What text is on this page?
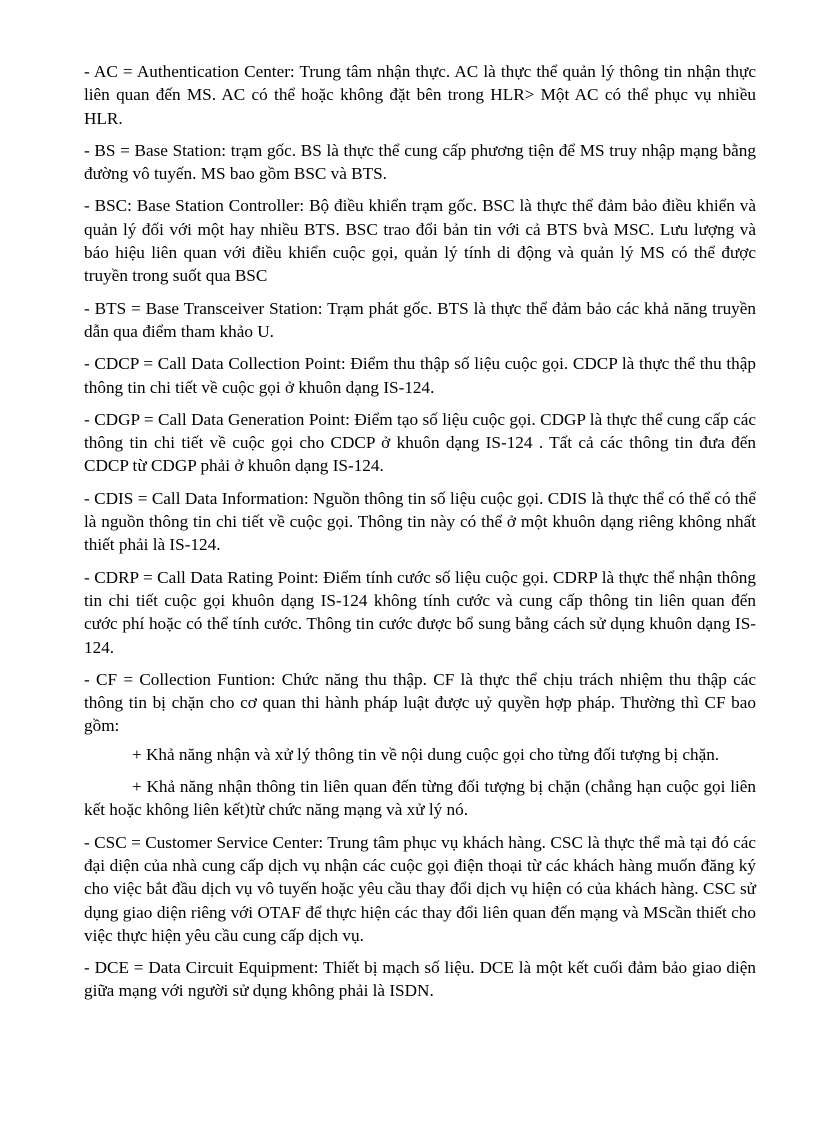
- AC = Authentication Center: Trung tâm nhận thực. AC là thực thể quản lý thông tin nhận thực liên quan đến MS. AC có thể hoặc không đặt bên trong HLR> Một AC có thể phục vụ nhiều HLR.

- BS = Base Station: trạm gốc. BS là thực thể cung cấp phương tiện để MS truy nhập mạng bằng đường vô tuyến. MS bao gồm BSC và BTS.

- BSC: Base Station Controller: Bộ điều khiển trạm gốc. BSC là thực thể đảm bảo điều khiển và quản lý đối với một hay nhiều BTS. BSC trao đổi bản tin với cả BTS bvà MSC. Lưu lượng và báo hiệu liên quan với điều khiển cuộc gọi, quản lý tính di động và quản lý MS có thể được truyền trong suốt qua BSC

- BTS = Base Transceiver Station: Trạm phát gốc. BTS là thực thể đảm bảo các khả năng truyền dẫn qua điểm tham khảo U.

- CDCP = Call Data Collection Point: Điểm thu thập số liệu cuộc gọi. CDCP là thực thể thu thập thông tin chi tiết về cuộc gọi ở khuôn dạng IS-124.

- CDGP = Call Data Generation Point: Điểm tạo số liệu cuộc gọi. CDGP là thực thể cung cấp các thông tin chi tiết về cuộc gọi cho CDCP ở khuôn dạng IS-124 . Tất cả các thông tin đưa đến CDCP từ CDGP phải ở khuôn dạng IS-124.

- CDIS = Call Data Information: Nguồn thông tin số liệu cuộc gọi. CDIS là thực thể có thể có thể là nguồn thông tin chi tiết về cuộc gọi. Thông tin này có thể ở một khuôn dạng riêng không nhất thiết phải là IS-124.

- CDRP = Call Data Rating Point: Điểm tính cước số liệu cuộc gọi. CDRP là thực thể nhận thông tin chi tiết cuộc gọi khuôn dạng IS-124 không tính cước và cung cấp thông tin liên quan đến cước phí hoặc có thể tính cước. Thông tin cước được bổ sung bằng cách sử dụng khuôn dạng IS-124.

- CF = Collection Funtion: Chức năng thu thập. CF là thực thể chịu trách nhiệm thu thập các thông tin bị chặn cho cơ quan thi hành pháp luật được uỷ quyền hợp pháp. Thường thì CF bao gồm:

+ Khả năng nhận và xử lý thông tin về nội dung cuộc gọi cho từng đối tượng bị chặn.

+ Khả năng nhận thông tin liên quan đến từng đối tượng bị chặn (chẳng hạn cuộc gọi liên kết hoặc không liên kết)từ chức năng mạng và xử lý nó.

- CSC = Customer Service Center: Trung tâm phục vụ khách hàng. CSC là thực thể mà tại đó các đại diện của nhà cung cấp dịch vụ nhận các cuộc gọi điện thoại từ các khách hàng muốn đăng ký cho việc bắt đầu dịch vụ vô tuyến hoặc yêu cầu thay đổi dịch vụ hiện có của khách hàng. CSC sử dụng giao diện riêng với OTAF để thực hiện các thay đổi liên quan đến mạng và MScần thiết cho việc thực hiện yêu cầu cung cấp dịch vụ.

- DCE = Data Circuit Equipment: Thiết bị mạch số liệu. DCE là một kết cuối đảm bảo giao diện giữa mạng với người sử dụng không phải là ISDN.
